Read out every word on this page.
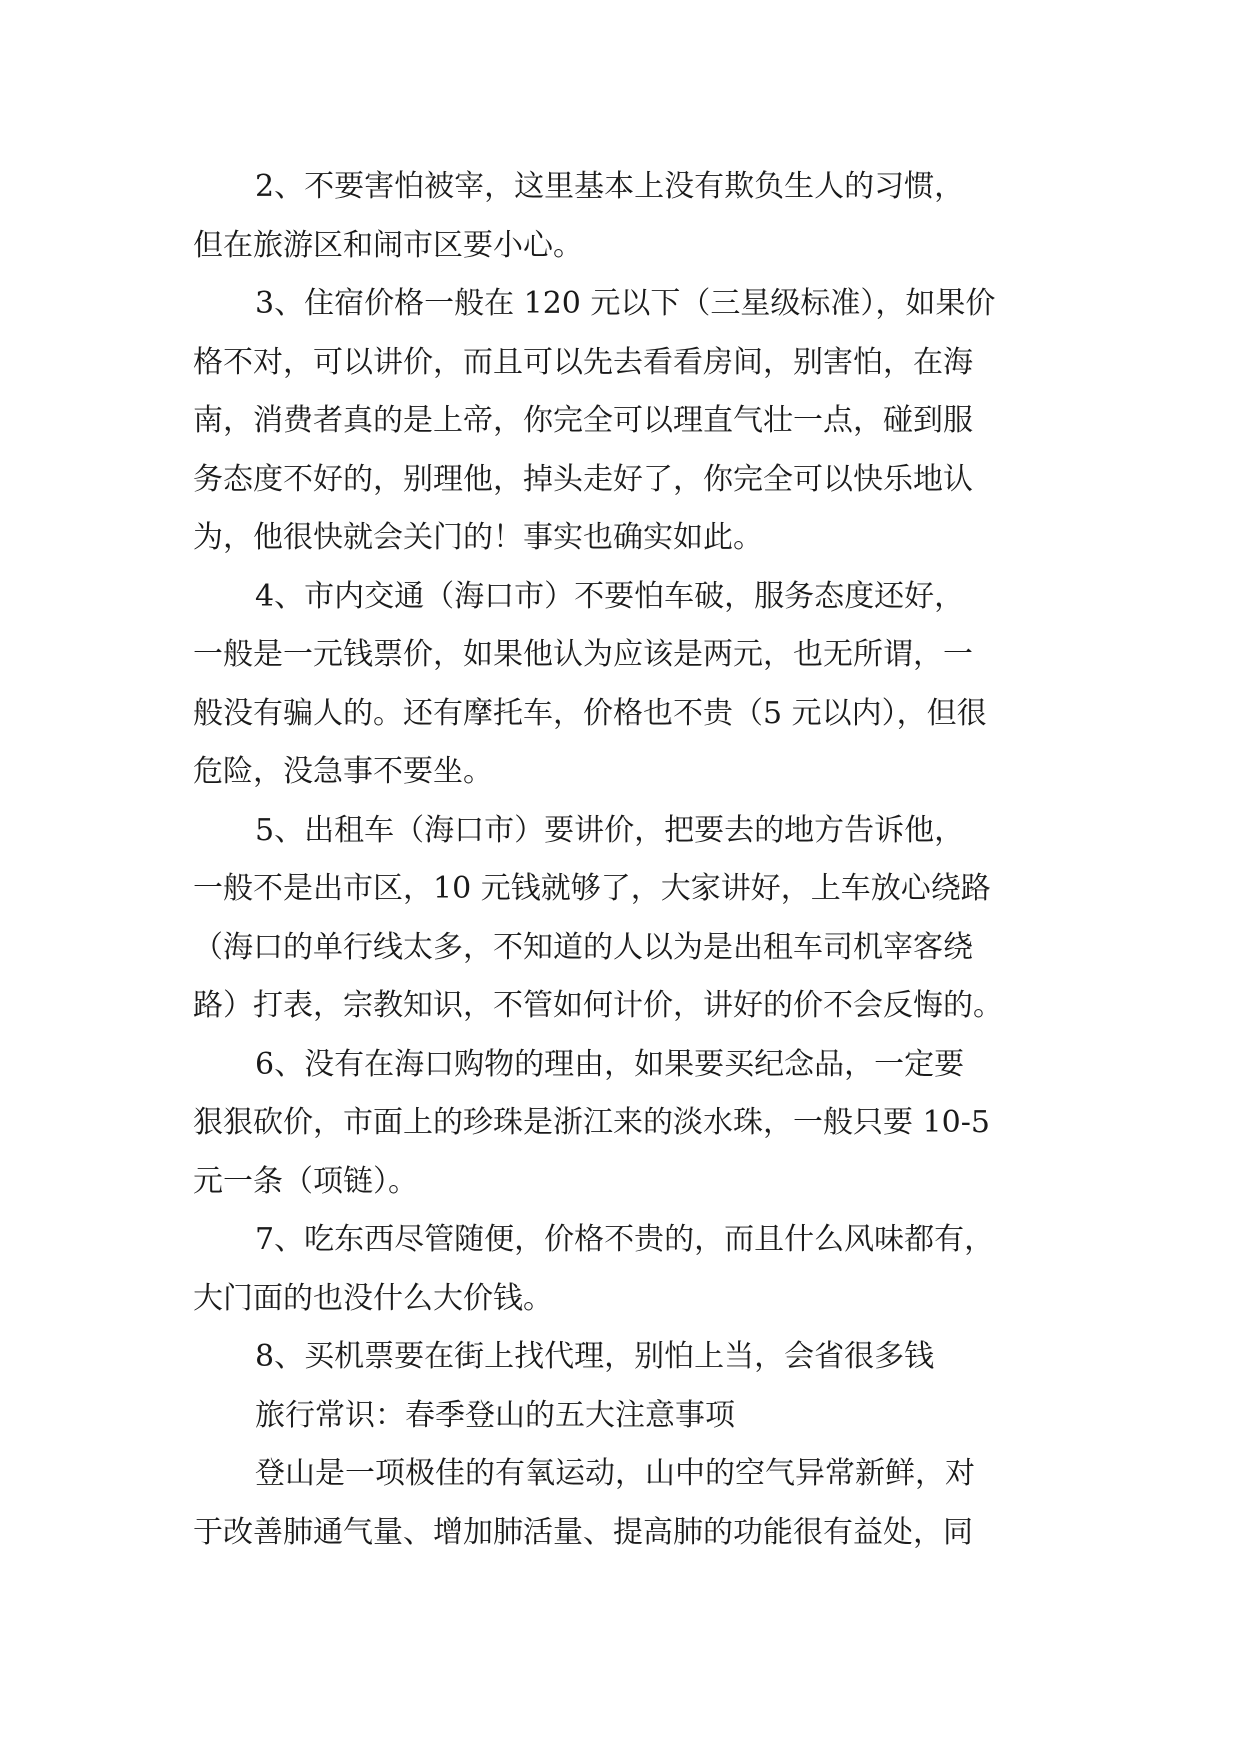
2、不要害怕被宰，这里基本上没有欺负生人的习惯，
但在旅游区和闹市区要小心。
3、住宿价格一般在 120 元以下（三星级标准），如果价
格不对，可以讲价，而且可以先去看看房间，别害怕，在海
南，消费者真的是上帝，你完全可以理直气壮一点，碰到服
务态度不好的，别理他，掉头走好了，你完全可以快乐地认
为，他很快就会关门的！事实也确实如此。
4、市内交通（海口市）不要怕车破，服务态度还好，
一般是一元钱票价，如果他认为应该是两元，也无所谓，一
般没有骗人的。还有摩托车，价格也不贵（5 元以内），但很
危险，没急事不要坐。
5、出租车（海口市）要讲价，把要去的地方告诉他，
一般不是出市区，10 元钱就够了，大家讲好，上车放心绕路
（海口的单行线太多，不知道的人以为是出租车司机宰客绕
路）打表，宗教知识，不管如何计价，讲好的价不会反悔的。
6、没有在海口购物的理由，如果要买纪念品，一定要
狠狠砍价，市面上的珍珠是浙江来的淡水珠，一般只要 10-5
元一条（项链）。
7、吃东西尽管随便，价格不贵的，而且什么风味都有，
大门面的也没什么大价钱。
8、买机票要在街上找代理，别怕上当，会省很多钱
旅行常识：春季登山的五大注意事项
登山是一项极佳的有氧运动，山中的空气异常新鲜，对
于改善肺通气量、增加肺活量、提高肺的功能很有益处，同
